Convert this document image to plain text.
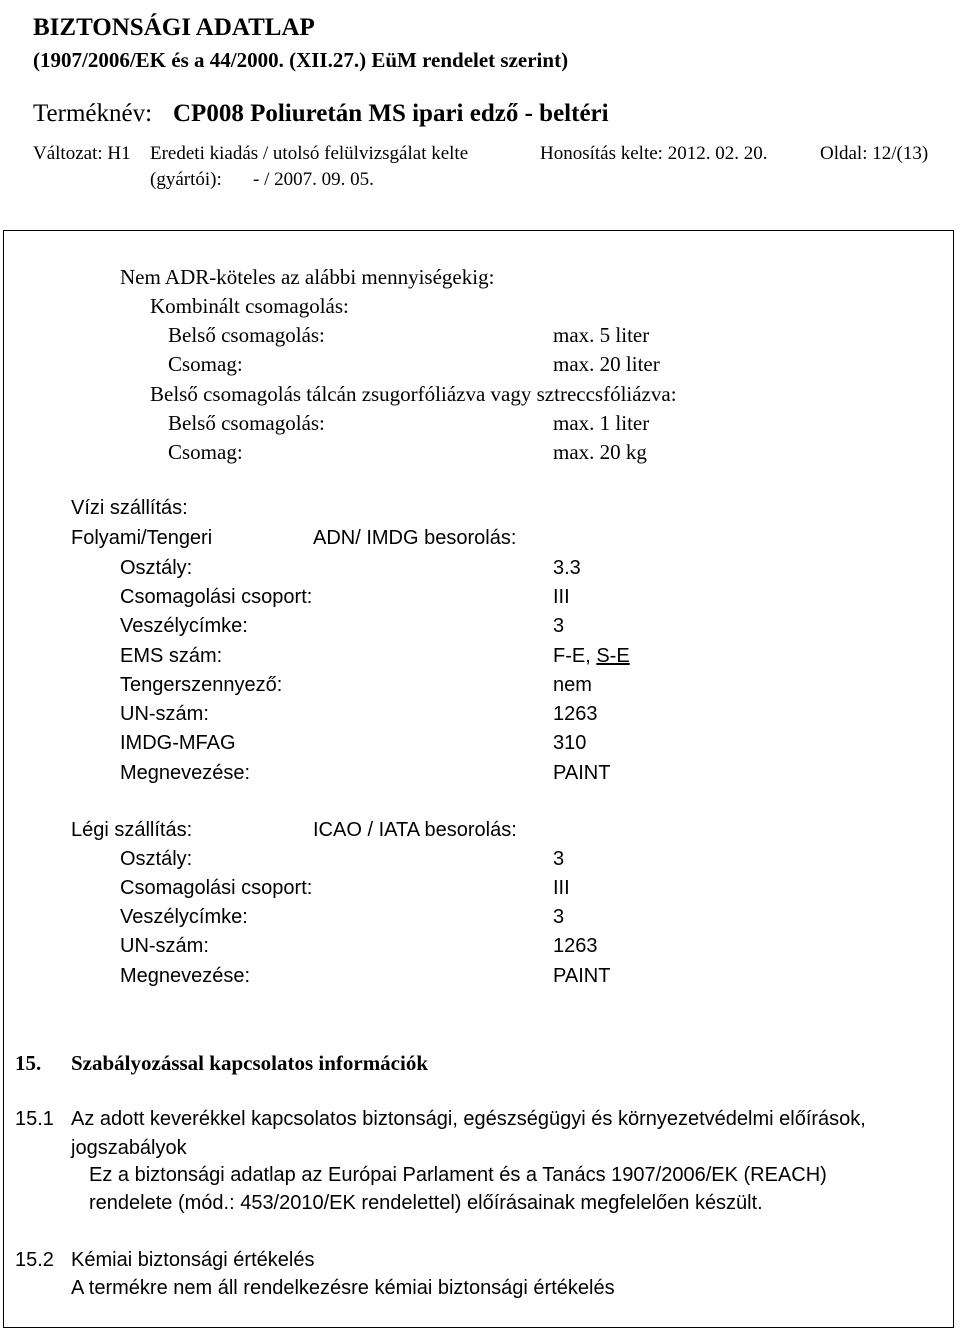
BIZTONSÁGI ADATLAP
(1907/2006/EK és a 44/2000. (XII.27.) EüM rendelet szerint)
Terméknév: CP008 Poliuretán MS ipari edző - beltéri
Változat: H1 Eredeti kiadás / utolsó felülvizsgálat kelte	Honosítás kelte: 2012. 02. 20.	Oldal: 12/(13)
(gyártói): - / 2007. 09. 05.
Nem ADR-köteles az alábbi mennyiségekig:
Kombinált csomagolás:
Belső csomagolás:	max. 5 liter
Csomag:	max. 20 liter
Belső csomagolás tálcán zsugorfóliázva vagy sztreccsfóliázva:
Belső csomagolás:	max. 1 liter
Csomag:	max. 20 kg
Vízi szállítás:
Folyami/Tengeri	ADN/ IMDG besorolás:
Osztály:	3.3
Csomagolási csoport:	III
Veszélycímke:	3
EMS szám:	F-E, S-E
Tengerszennyező:	nem
UN-szám:	1263
IMDG-MFAG	310
Megnevezése:	PAINT
Légi szállítás:	ICAO / IATA besorolás:
Osztály:	3
Csomagolási csoport:	III
Veszélycímke:	3
UN-szám:	1263
Megnevezése:	PAINT
15. Szabályozással kapcsolatos információk
15.1 Az adott keverékkel kapcsolatos biztonsági, egészségügyi és környezetvédelmi előírások,
jogszabályok
Ez a biztonsági adatlap az Európai Parlament és a Tanács 1907/2006/EK (REACH)
rendelete (mód.: 453/2010/EK rendelettel) előírásainak megfelelően készült.
15.2 Kémiai biztonsági értékelés
A termékre nem áll rendelkezésre kémiai biztonsági értékelés
